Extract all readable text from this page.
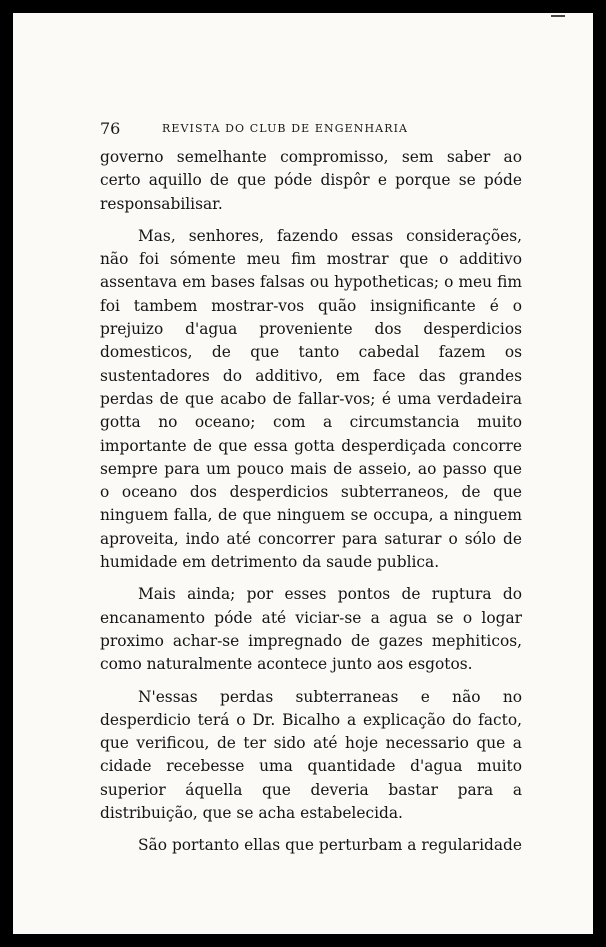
76	REVISTA DO CLUB DE ENGENHARIA

governo semelhante compromisso, sem saber ao certo aquillo de que póde dispôr e porque se póde responsabilisar.

Mas, senhores, fazendo essas considerações, não foi sómente meu fim mostrar que o additivo assentava em bases falsas ou hypotheticas; o meu fim foi tambem mostrar-vos quão insignificante é o prejuizo d'agua proveniente dos desperdicios domesticos, de que tanto cabedal fazem os sustentadores do additivo, em face das grandes perdas de que acabo de fallar-vos; é uma verdadeira gotta no oceano; com a circumstancia muito importante de que essa gotta desperdiçada concorre sempre para um pouco mais de asseio, ao passo que o oceano dos desperdicios subterraneos, de que ninguem falla, de que ninguem se occupa, a ninguem aproveita, indo até concorrer para saturar o sólo de humidade em detrimento da saude publica.

Mais ainda; por esses pontos de ruptura do encanamento póde até viciar-se a agua se o logar proximo achar-se impregnado de gazes mephiticos, como naturalmente acontece junto aos esgotos.

N'essas perdas subterraneas e não no desperdicio terá o Dr. Bicalho a explicação do facto, que verificou, de ter sido até hoje necessario que a cidade recebesse uma quantidade d'agua muito superior áquella que deveria bastar para a distribuição, que se acha estabelecida.

São portanto ellas que perturbam a regularidade
